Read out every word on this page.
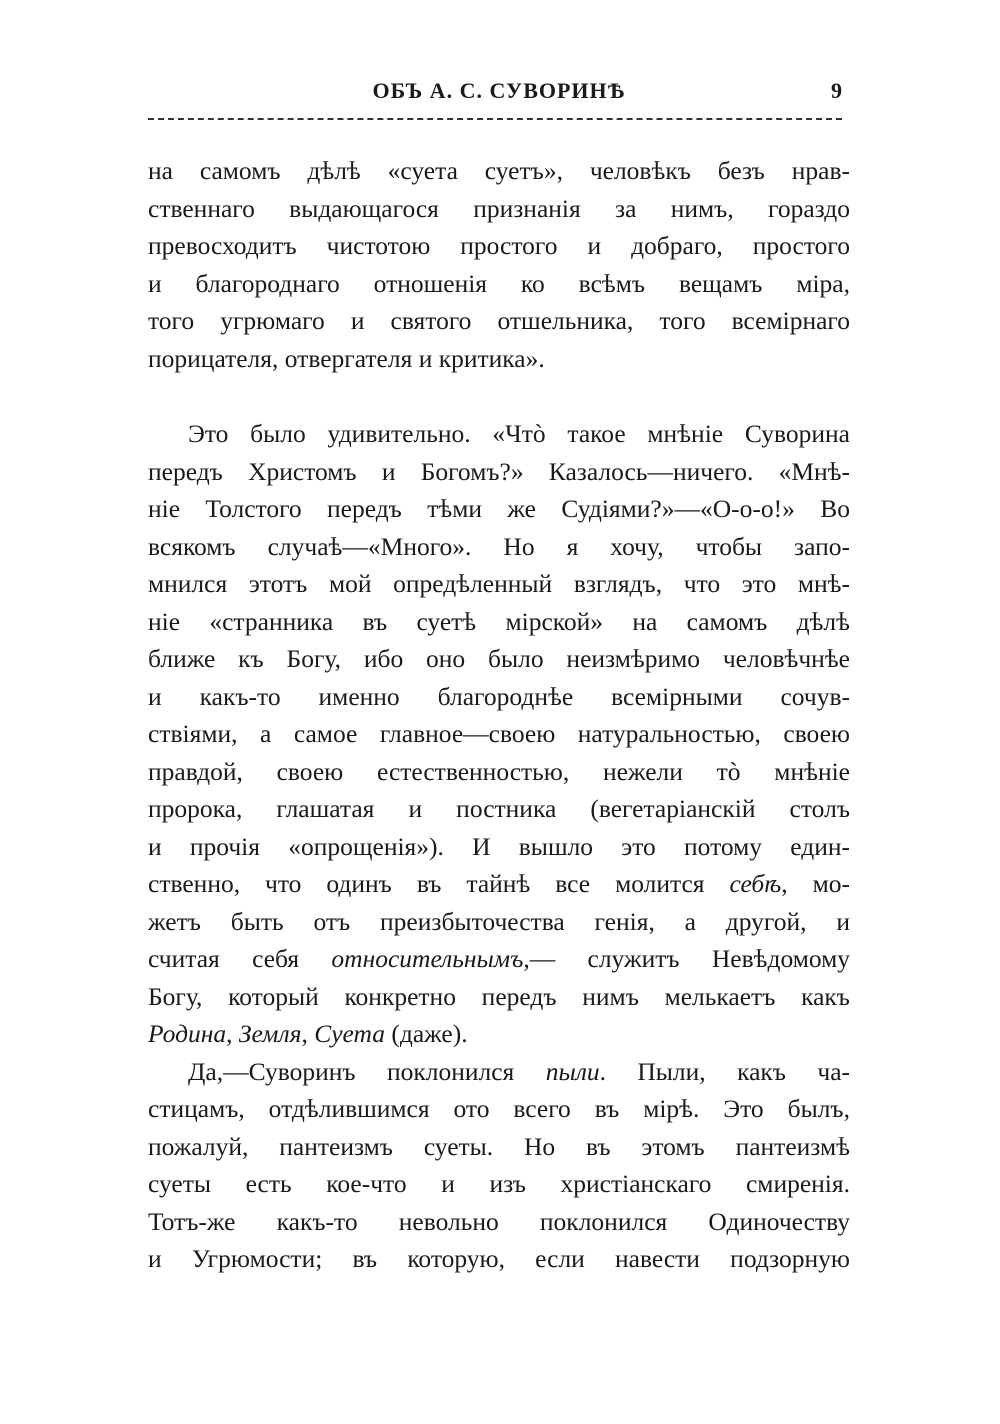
ОБЪ А. С. СУВОРИНѢ	9
на самомъ дѣлѣ «суета суетъ», человѣкъ безъ нрав-
ственнаго выдающагося признанія за нимъ, гораздо
превосходитъ чистотою простого и добраго, простого
и благороднаго отношенія ко всѣмъ вещамъ міра,
того угрюмаго и святого отшельника, того всемірнаго
порицателя, отвергателя и критика».
Это было удивительно. «Чтò такое мнѣніе Суворина
передъ Христомъ и Богомъ?» Казалось—ничего. «Мнѣ-
ніе Толстого передъ тѣми же Судіями?»—«О-о-о!» Во
всякомъ случаѣ—«Много». Но я хочу, чтобы запо-
мнился этотъ мой опредѣленный взглядъ, что это мнѣ-
ніе «странника въ суетѣ мірской» на самомъ дѣлѣ
ближе къ Богу, ибо оно было неизмѣримо человѣчнѣе
и какъ-то именно благороднѣе всемірными сочув-
ствіями, а самое главное—своею натуральностью, своею
правдой, своею естественностью, нежели тò мнѣніе
пророка, глашатая и постника (вегетаріанскій столъ
и прочія «опрощенія»). И вышло это потому един-
ственно, что одинъ въ тайнѣ все молится себѣ, мо-
жетъ быть отъ преизбыточества генія, а другой, и
считая себя относительнымъ,— служитъ Невѣдомому
Богу, который конкретно передъ нимъ мелькаетъ какъ
Родина, Земля, Суета (даже).
Да,—Суворинъ поклонился пыли. Пыли, какъ ча-
стицамъ, отдѣлившимся ото всего въ мірѣ. Это былъ,
пожалуй, пантеизмъ суеты. Но въ этомъ пантеизмѣ
суеты есть кое-что и изъ христіанскаго смиренія.
Тотъ-же какъ-то невольно поклонился Одиночеству
и Угрюмости; въ которую, если навести подзорную
